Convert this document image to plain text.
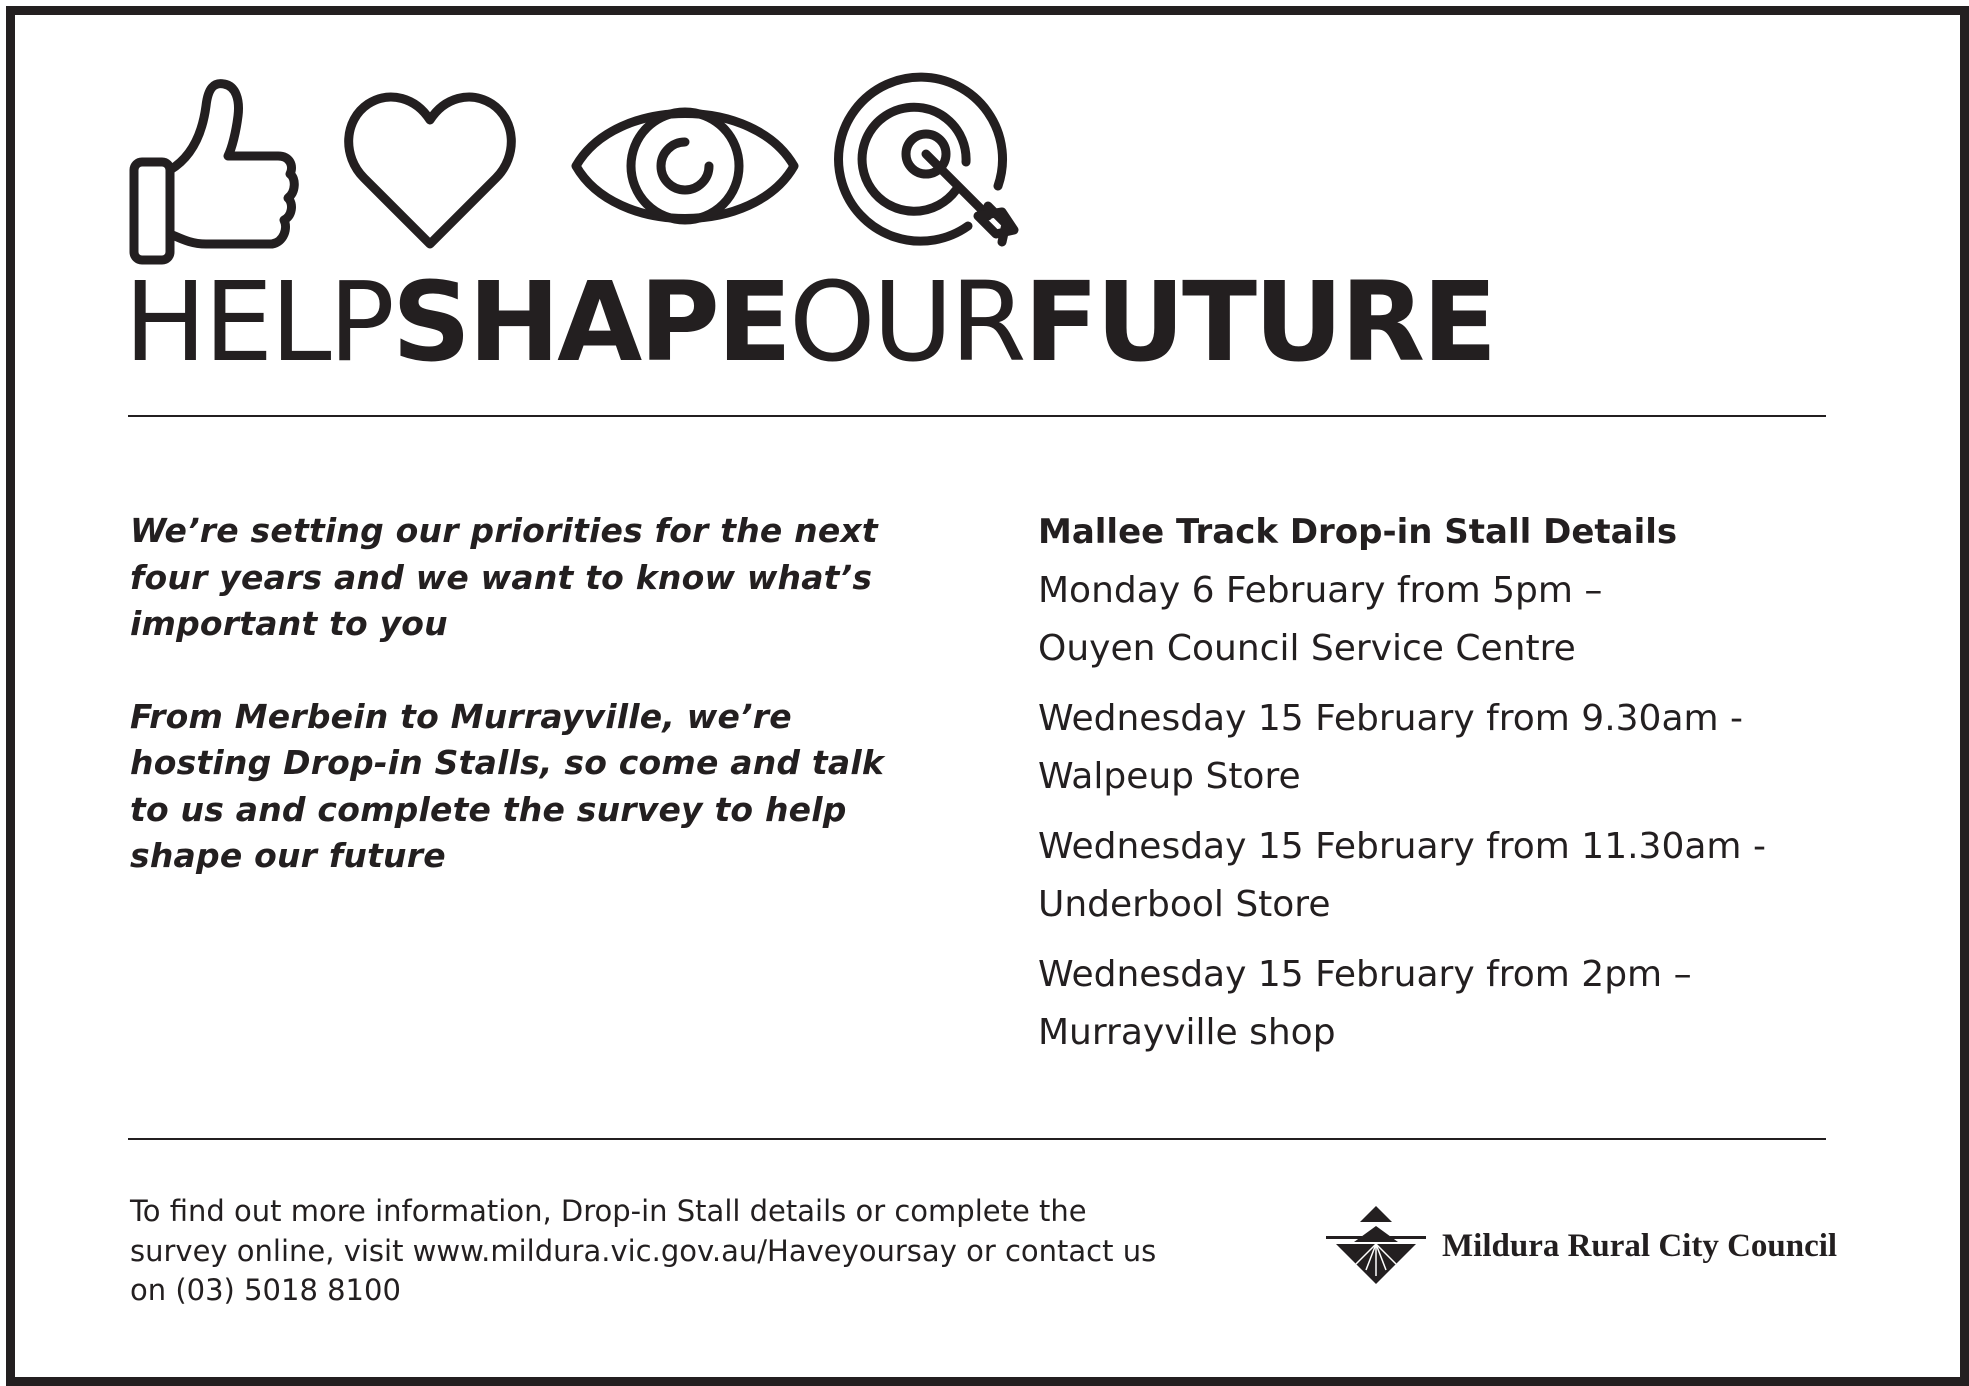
HELPSHAPEOURFUTURE

We’re setting our priorities for the next four years and we want to know what’s important to you

From Merbein to Murrayville, we’re hosting Drop-in Stalls, so come and talk to us and complete the survey to help shape our future

Mallee Track Drop-in Stall Details
Monday 6 February from 5pm –
Ouyen Council Service Centre
Wednesday 15 February from 9.30am -
Walpeup Store
Wednesday 15 February from 11.30am -
Underbool Store
Wednesday 15 February from 2pm –
Murrayville shop
To find out more information, Drop-in Stall details or complete the survey online, visit www.mildura.vic.gov.au/Haveyoursay or contact us on (03) 5018 8100
Mildura Rural City Council
